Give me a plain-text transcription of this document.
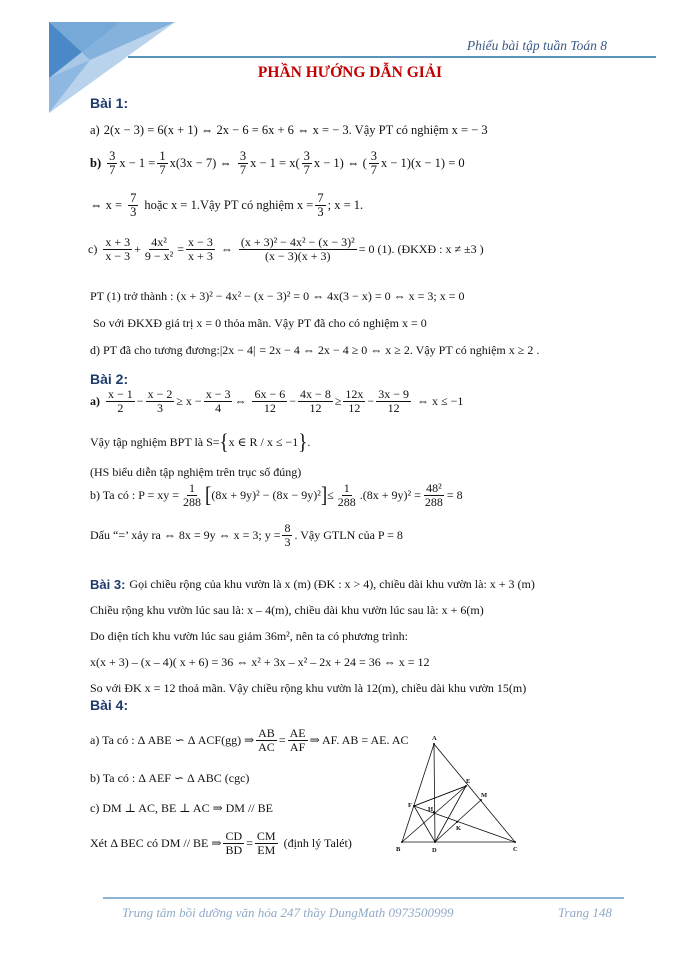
Phiếu bài tập tuần Toán 8
PHẦN HƯỚNG DẪN GIẢI
Bài 1:
a) 2(x − 3) = 6(x + 1) ⇔ 2x − 6 = 6x + 6 ⇔ x = − 3. Vậy PT có nghiệm x = − 3
$b) \frac{3}{7}$ $x - 1 = \frac{1}{7} x(3x - 7)$ ⇔ $\frac{3}{7}$ $x - 1 = x( \frac{3}{7}$ x − 1) ⇔ ( $\frac{3}{7}$ x − 1)(x − 1) = 0
⇔ $x = \frac{7}{3}$ hoặc x = 1.Vậy PT có nghiệm $x = \frac{7}{3}$ ; x = 1.
$c) \frac{x + 3}{x - 3} + \frac{\text{4x²}}{\text{9 − x²}} = \frac{x - 3}{x + 3}$ ⇔ $\frac{\text{(x + 3)² − 4x² − (x − 3)²}}{(x - 3)(x + 3)} = 0$ (1). (ĐKXĐ : x ≠ ±3 )
PT (1) trở thành : (x + 3)² − 4x² − (x − 3)² = 0 ⇔ 4x(3 − x) = 0 ⇔ x = 3; x = 0
So với ĐKXĐ giá trị x = 0 thỏa mãn. Vậy PT đã cho có nghiệm x = 0
d) PT đã cho tương đương: |2x − 4| = 2x − 4 ⇔ 2x − 4 ≥ 0 ⇔ x ≥ 2. Vậy PT có nghiệm x ≥ 2 .
Bài 2:
$a) \frac{x - 1}{2} - \frac{x - 2}{3} \ge x - \frac{x - 3}{4}$ ⇔ $\frac{6x - 6}{12} - \frac{4x - 8}{12} \ge \frac{12x}{12} - \frac{3x - 9}{12}$ ⇔ x ≤ −1
Vậy tập nghiệm BPT là S= { x ∈ R / x ≤ −1 } .
(HS biểu diễn tập nghiệm trên trục số đúng)
b) Ta có : P = xy = $\frac{1}{288}$ [ (8x + 9y)² − (8x − 9y)² ] ≤ $\frac{1}{288} .(8x + 9y)^2 = \frac{\text{48²}}{288} = 8$
Dấu “=’ xảy ra ⇔ 8x = 9y ⇔ x = 3; $y = \frac{8}{3}$ . Vậy GTLN của P = 8
Bài 3: Gọi chiều rộng của khu vườn là x (m) (ĐK : x > 4), chiều dài khu vườn là: x + 3 (m)
Chiều rộng khu vườn lúc sau là: x – 4(m), chiều dài khu vườn lúc sau là: x + 6(m)
Do diện tích khu vườn lúc sau giảm 36m², nên ta có phương trình:
x(x + 3) – (x – 4)( x + 6) = 36 ⇔ x² + 3x – x² – 2x + 24 = 36 ⇔ x = 12
So với ĐK x = 12 thoả mãn. Vậy chiều rộng khu vườn là 12(m), chiều dài khu vườn 15(m)
Bài 4:
a) Ta có : Δ ABE ∽ Δ ACF(gg) ⇒ $\frac{AB}{AC} = \frac{AE}{AF}$ ⇒ AF. AB = AE. AC
b) Ta có : Δ AEF ∽ Δ ABC (cgc)
c) DM ⊥ AC, BE ⊥ AC ⇒ DM // BE
Xét Δ BEC có DM // BE ⇒ $\frac{CD}{BD} = \frac{CM}{EM}$ (định lý Talét)
A
B	C
D
E
F
H
K
M
Trung tâm bồi dưỡng văn hóa 247 thầy DungMath 0973500999	Trang 148
